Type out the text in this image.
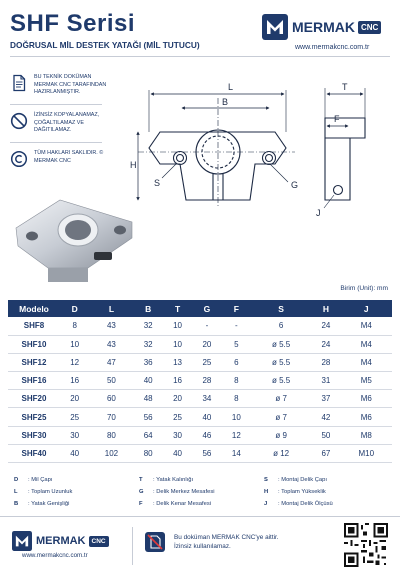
SHF Serisi
DOĞRUSAL MİL DESTEK YATAĞI (MİL TUTUCU)
MERMAK CNC
www.mermakcnc.com.tr
BU TEKNİK DOKÜMAN MERMAK CNC TARAFINDAN HAZIRLANMIŞTIR.
İZİNSİZ KOPYALANAMAZ, ÇOĞALTILAMAZ VE DAĞITILAMAZ.
TÜM HAKLARI SAKLIDIR. © MERMAK CNC
L
B
H
S	G
T
F
J
Birim (Unit): mm
Modelo	D	L	B	T	G	F	S	H	J
SHF8	8	43	32	10	-	-	6	24	M4
SHF10	10	43	32	10	20	5	ø 5.5	24	M4
SHF12	12	47	36	13	25	6	ø 5.5	28	M4
SHF16	16	50	40	16	28	8	ø 5.5	31	M5
SHF20	20	60	48	20	34	8	ø 7	37	M6
SHF25	25	70	56	25	40	10	ø 7	42	M6
SHF30	30	80	64	30	46	12	ø 9	50	M8
SHF40	40	102	80	40	56	14	ø 12	67	M10
D : Mil Çapı	T : Yatak Kalınlığı	S : Montaj Delik Çapı
L : Toplam Uzunluk	G : Delik Merkez Mesafesi	H : Toplam Yükseklik
B : Yatak Genişliği	F : Delik Kenar Mesafesi	J : Montaj Delik Ölçüsü
MERMAK CNC
www.mermakcnc.com.tr
Bu doküman MERMAK CNC'ye aittir.
İzinsiz kullanılamaz.
